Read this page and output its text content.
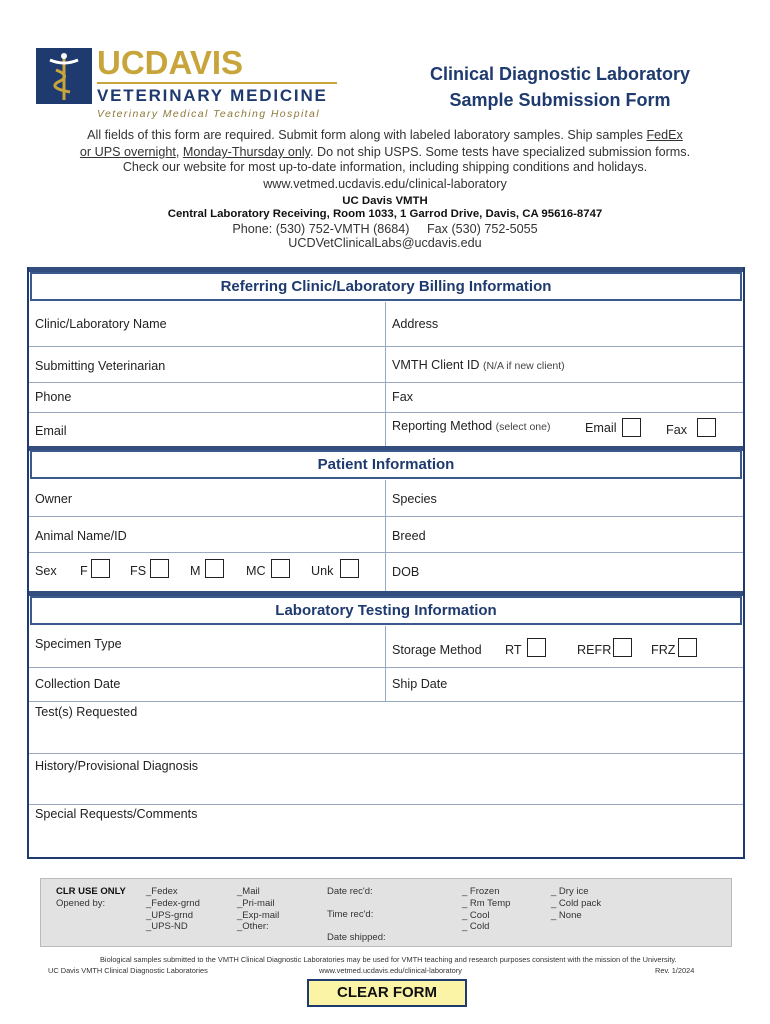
UCDAVIS
VETERINARY MEDICINE
Veterinary Medical Teaching Hospital
Clinical Diagnostic Laboratory
Sample Submission Form
All fields of this form are required. Submit form along with labeled laboratory samples. Ship samples FedEx
or UPS overnight, Monday-Thursday only. Do not ship USPS. Some tests have specialized submission forms.
Check our website for most up-to-date information, including shipping conditions and holidays.
www.vetmed.ucdavis.edu/clinical-laboratory
UC Davis VMTH
Central Laboratory Receiving, Room 1033, 1 Garrod Drive, Davis, CA 95616-8747
Phone: (530) 752-VMTH (8684) Fax (530) 752-5055
UCDVetClinicalLabs@ucdavis.edu
Referring Clinic/Laboratory Billing Information
Clinic/Laboratory Name	Address
Submitting Veterinarian	VMTH Client ID (N/A if new client)
Phone	Fax
Email	Reporting Method (select one)	Email	Fax
Patient Information
Owner	Species
Animal Name/ID	Breed
Sex F	FS	M	MC	Unk	DOB
Laboratory Testing Information
Specimen Type	Storage Method RT	REFR	FRZ
Collection Date	Ship Date
Test(s) Requested
History/Provisional Diagnosis
Special Requests/Comments
CLR USE ONLY
Opened by:
_Fedex
_Fedex-grnd
_UPS-grnd
_UPS-ND
_Mail
_Pri-mail
_Exp-mail
_Other:
Date rec'd:
Time rec'd:
Date shipped:
_ Frozen
_ Rm Temp
_ Cool
_ Cold
_ Dry ice
_ Cold pack
_ None
Biological samples submitted to the VMTH Clinical Diagnostic Laboratories may be used for VMTH teaching and research purposes consistent with the mission of the University.
UC Davis VMTH Clinical Diagnostic Laboratories	www.vetmed.ucdavis.edu/clinical-laboratory	Rev. 1/2024
CLEAR FORM
